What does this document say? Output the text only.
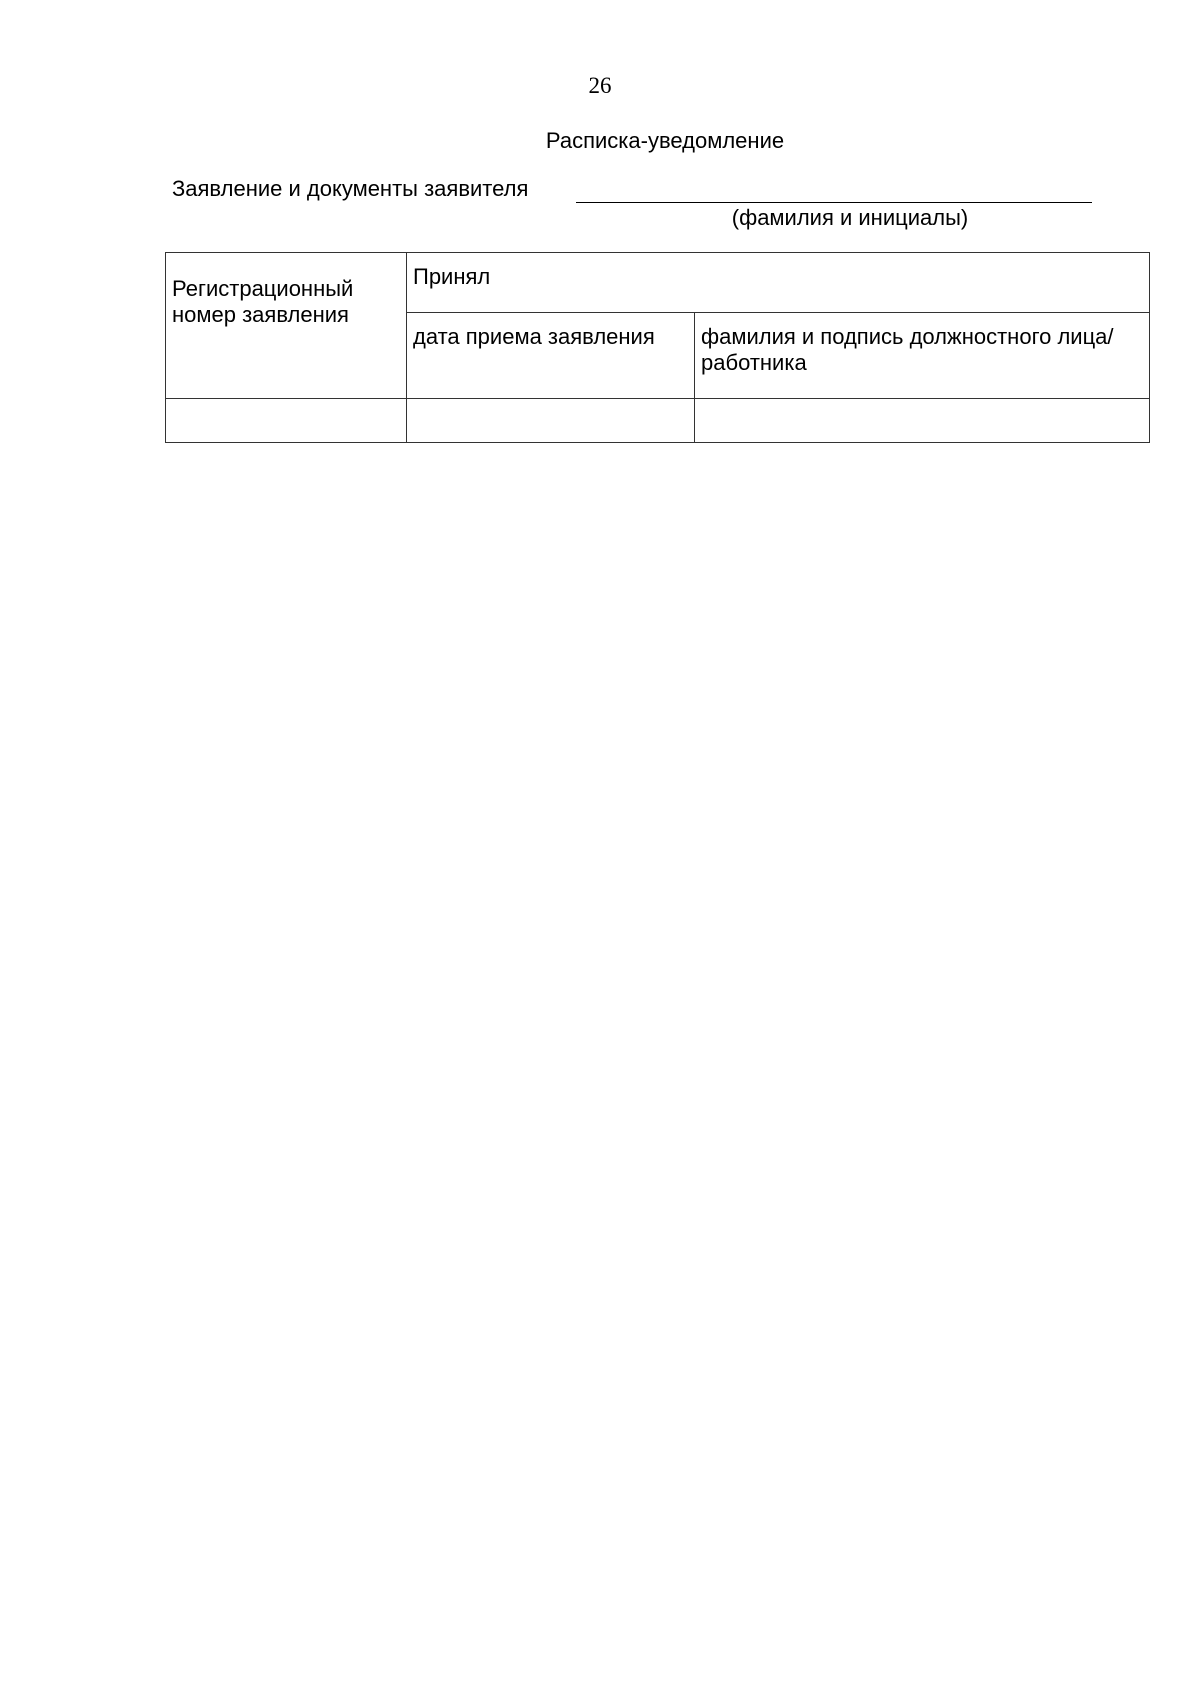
26
Расписка-уведомление
Заявление и документы заявителя
(фамилия и инициалы)
Регистрационный номер заявления	Принял	
	дата приема заявления	фамилия и подпись должностного лица/работника
